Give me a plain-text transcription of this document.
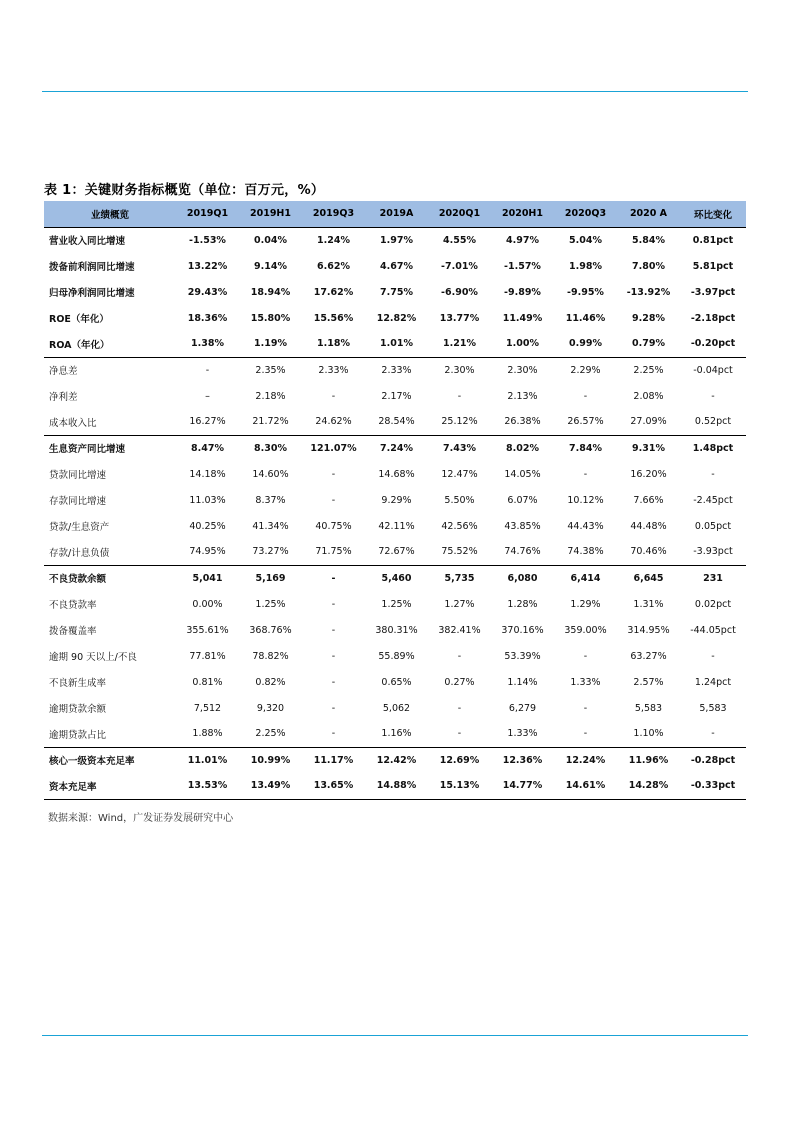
表 1：关键财务指标概览（单位：百万元，%）
业绩概览	2019Q1	2019H1	2019Q3	2019A	2020Q1	2020H1	2020Q3	2020 A	环比变化
营业收入同比增速	-1.53%	0.04%	1.24%	1.97%	4.55%	4.97%	5.04%	5.84%	0.81pct
拨备前利润同比增速	13.22%	9.14%	6.62%	4.67%	-7.01%	-1.57%	1.98%	7.80%	5.81pct
归母净利润同比增速	29.43%	18.94%	17.62%	7.75%	-6.90%	-9.89%	-9.95%	-13.92%	-3.97pct
ROE（年化）	18.36%	15.80%	15.56%	12.82%	13.77%	11.49%	11.46%	9.28%	-2.18pct
ROA（年化）	1.38%	1.19%	1.18%	1.01%	1.21%	1.00%	0.99%	0.79%	-0.20pct
净息差	-	2.35%	2.33%	2.33%	2.30%	2.30%	2.29%	2.25%	-0.04pct
净利差	–	2.18%	-	2.17%	-	2.13%	-	2.08%	-
成本收入比	16.27%	21.72%	24.62%	28.54%	25.12%	26.38%	26.57%	27.09%	0.52pct
生息资产同比增速	8.47%	8.30%	121.07%	7.24%	7.43%	8.02%	7.84%	9.31%	1.48pct
贷款同比增速	14.18%	14.60%	-	14.68%	12.47%	14.05%	-	16.20%	-
存款同比增速	11.03%	8.37%	-	9.29%	5.50%	6.07%	10.12%	7.66%	-2.45pct
贷款/生息资产	40.25%	41.34%	40.75%	42.11%	42.56%	43.85%	44.43%	44.48%	0.05pct
存款/计息负债	74.95%	73.27%	71.75%	72.67%	75.52%	74.76%	74.38%	70.46%	-3.93pct
不良贷款余额	5,041	5,169	-	5,460	5,735	6,080	6,414	6,645	231
不良贷款率	0.00%	1.25%	-	1.25%	1.27%	1.28%	1.29%	1.31%	0.02pct
拨备覆盖率	355.61%	368.76%	-	380.31%	382.41%	370.16%	359.00%	314.95%	-44.05pct
逾期 90 天以上/不良	77.81%	78.82%	-	55.89%	-	53.39%	-	63.27%	-
不良新生成率	0.81%	0.82%	-	0.65%	0.27%	1.14%	1.33%	2.57%	1.24pct
逾期贷款余额	7,512	9,320	-	5,062	-	6,279	-	5,583	5,583
逾期贷款占比	1.88%	2.25%	-	1.16%	-	1.33%	-	1.10%	-
核心一级资本充足率	11.01%	10.99%	11.17%	12.42%	12.69%	12.36%	12.24%	11.96%	-0.28pct
资本充足率	13.53%	13.49%	13.65%	14.88%	15.13%	14.77%	14.61%	14.28%	-0.33pct
数据来源：Wind，广发证券发展研究中心
